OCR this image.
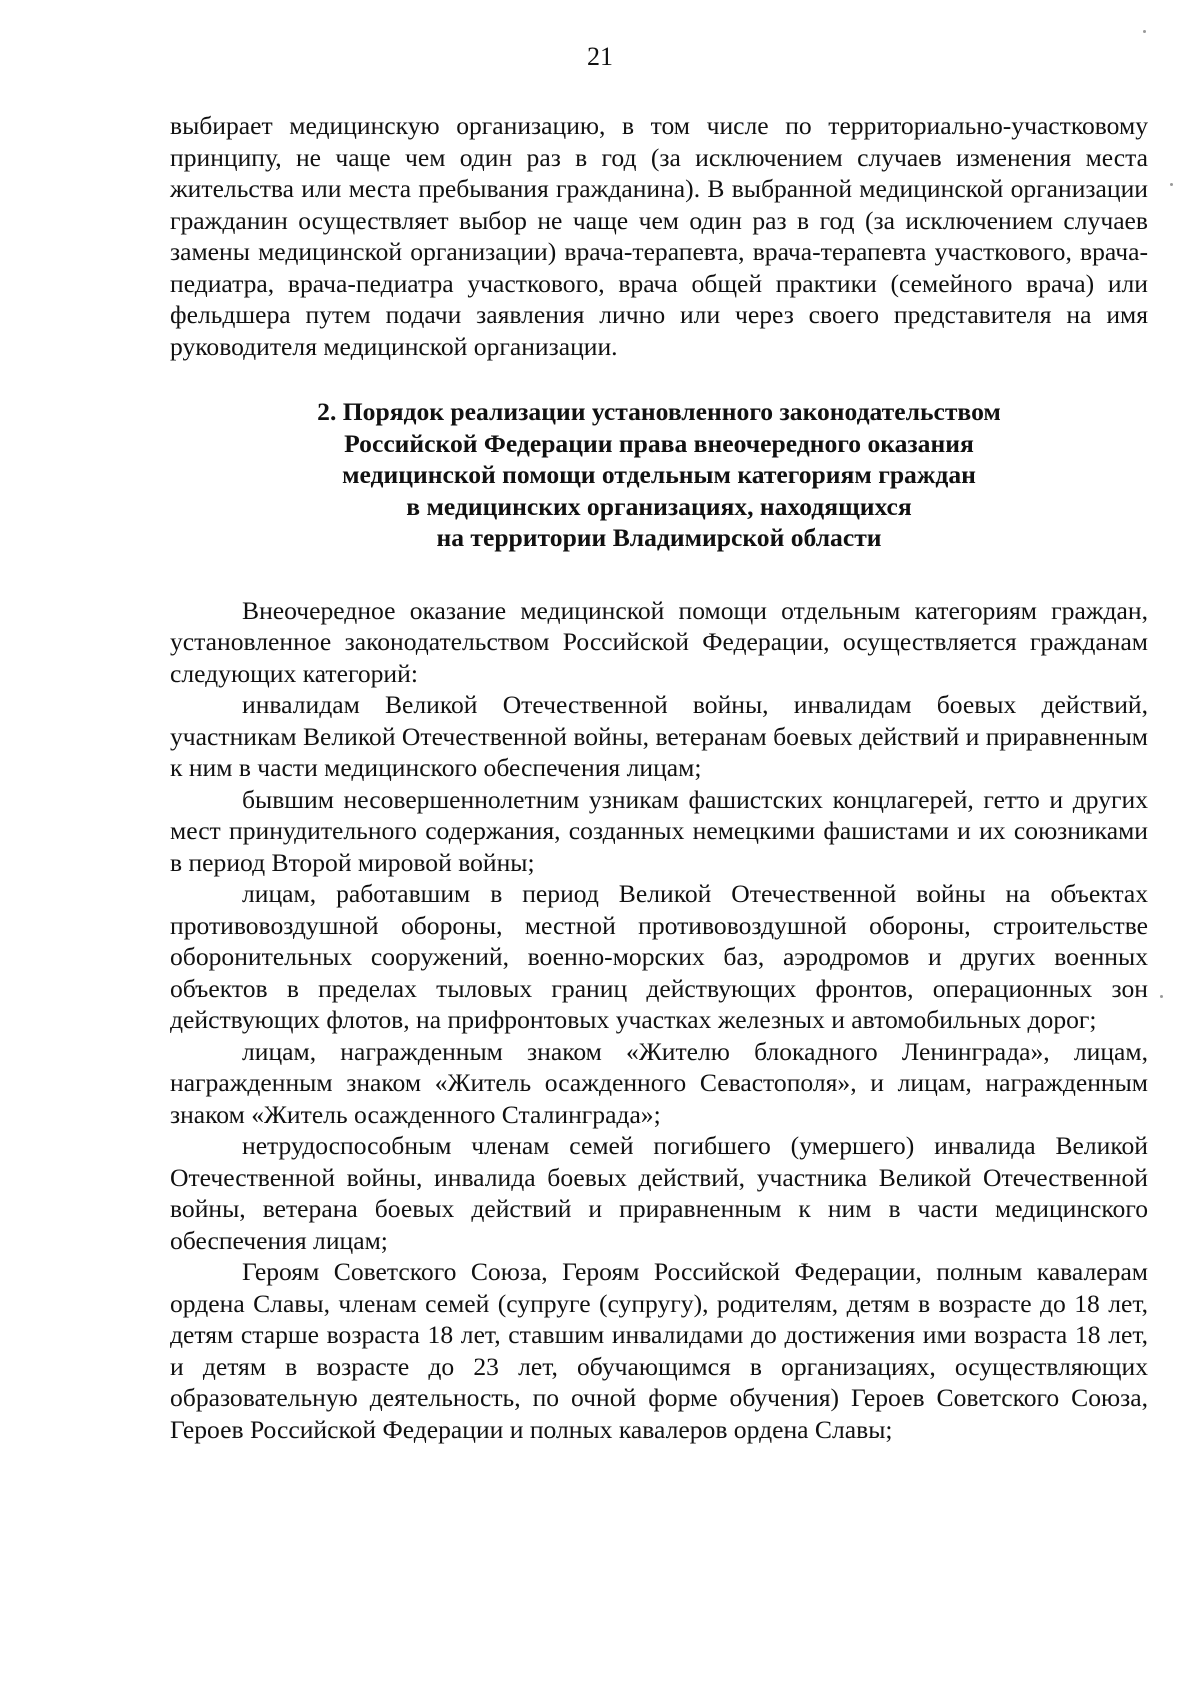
21

выбирает медицинскую организацию, в том числе по территориально-участковому принципу, не чаще чем один раз в год (за исключением случаев изменения места жительства или места пребывания гражданина). В выбранной медицинской организации гражданин осуществляет выбор не чаще чем один раз в год (за исключением случаев замены медицинской организации) врача-терапевта, врача-терапевта участкового, врача-педиатра, врача-педиатра участкового, врача общей практики (семейного врача) или фельдшера путем подачи заявления лично или через своего представителя на имя руководителя медицинской организации.

2. Порядок реализации установленного законодательством
Российской Федерации права внеочередного оказания
медицинской помощи отдельным категориям граждан
в медицинских организациях, находящихся
на территории Владимирской области

Внеочередное оказание медицинской помощи отдельным категориям граждан, установленное законодательством Российской Федерации, осуществляется гражданам следующих категорий:

инвалидам Великой Отечественной войны, инвалидам боевых действий, участникам Великой Отечественной войны, ветеранам боевых действий и приравненным к ним в части медицинского обеспечения лицам;

бывшим несовершеннолетним узникам фашистских концлагерей, гетто и других мест принудительного содержания, созданных немецкими фашистами и их союзниками в период Второй мировой войны;

лицам, работавшим в период Великой Отечественной войны на объектах противовоздушной обороны, местной противовоздушной обороны, строительстве оборонительных сооружений, военно-морских баз, аэродромов и других военных объектов в пределах тыловых границ действующих фронтов, операционных зон действующих флотов, на прифронтовых участках железных и автомобильных дорог;

лицам, награжденным знаком «Жителю блокадного Ленинграда», лицам, награжденным знаком «Житель осажденного Севастополя», и лицам, награжденным знаком «Житель осажденного Сталинграда»;

нетрудоспособным членам семей погибшего (умершего) инвалида Великой Отечественной войны, инвалида боевых действий, участника Великой Отечественной войны, ветерана боевых действий и приравненным к ним в части медицинского обеспечения лицам;

Героям Советского Союза, Героям Российской Федерации, полным кавалерам ордена Славы, членам семей (супруге (супругу), родителям, детям в возрасте до 18 лет, детям старше возраста 18 лет, ставшим инвалидами до достижения ими возраста 18 лет, и детям в возрасте до 23 лет, обучающимся в организациях, осуществляющих образовательную деятельность, по очной форме обучения) Героев Советского Союза, Героев Российской Федерации и полных кавалеров ордена Славы;
